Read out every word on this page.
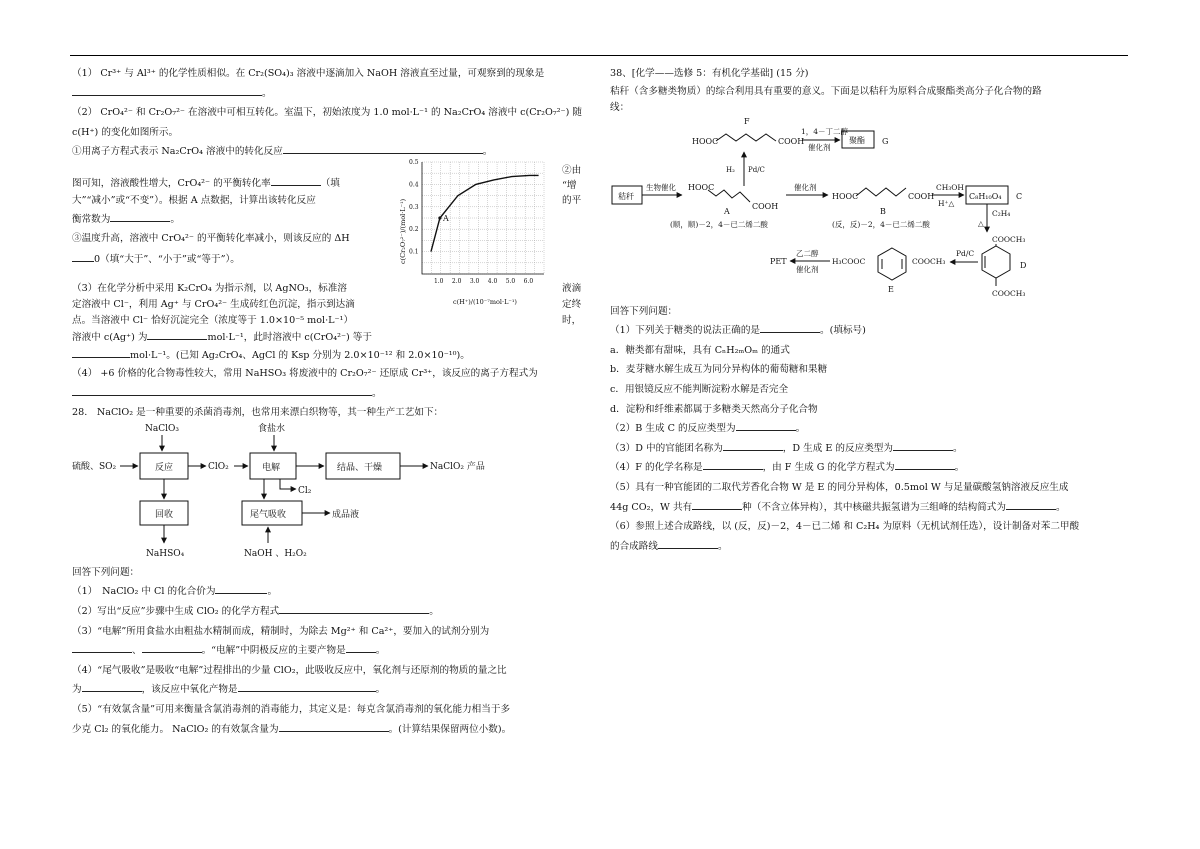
（1） Cr³⁺ 与 Al³⁺ 的化学性质相似。在 Cr₂(SO₄)₃ 溶液中逐滴加入 NaOH 溶液直至过量，可观察到的现象是
。
（2） CrO₄²⁻ 和 Cr₂O₇²⁻ 在溶液中可相互转化。室温下，初始浓度为 1.0 mol·L⁻¹ 的 Na₂CrO₄ 溶液中 c(Cr₂O₇²⁻) 随
c(H⁺) 的变化如图所示。
①用离子方程式表示 Na₂CrO₄ 溶液中的转化反应	。
②由
“增
的平
图可知，溶液酸性增大，CrO₄²⁻ 的平衡转化率	（填
大”“减小”或“不变”）。根据 A 点数据，计算出该转化反应
衡常数为	。
③温度升高，溶液中 CrO₄²⁻ 的平衡转化率减小，则该反应的 ΔH
0（填“大于”、“小于”或“等于”）。
（3）在化学分析中采用 K₂CrO₄ 为指示剂，以 AgNO₃，标准溶	液滴
定溶液中 Cl⁻，利用 Ag⁺ 与 CrO₄²⁻ 生成砖红色沉淀，指示到达滴	定终
点。当溶液中 Cl⁻ 恰好沉淀完全（浓度等于 1.0×10⁻⁵ mol·L⁻¹）	时，
溶液中 c(Ag⁺) 为	mol·L⁻¹，此时溶液中 c(CrO₄²⁻) 等于
mol·L⁻¹。(已知 Ag₂CrO₄、AgCl 的 Ksp 分别为 2.0×10⁻¹² 和 2.0×10⁻¹⁰)。
（4） +6 价格的化合物毒性较大，常用 NaHSO₃ 将废液中的 Cr₂O₇²⁻ 还原成 Cr³⁺，该反应的离子方程式为
。
28.　NaClO₂ 是一种重要的杀菌消毒剂，也常用来漂白织物等，其一种生产工艺如下：
NaClO₃	食盐水
硫酸、SO₂	反应	ClO₂	电解	结晶、干燥	NaClO₂ 产品
Cl₂
回收
NaHSO₄
尾气吸收	成品液
NaOH 、H₂O₂
回答下列问题：
（1）　NaClO₂ 中 Cl 的化合价为	。
（2）写出“反应”步骤中生成 ClO₂ 的化学方程式	。
（3）“电解”所用食盐水由粗盐水精制而成，精制时，为除去 Mg²⁺ 和 Ca²⁺，要加入的试剂分别为
、	。“电解”中阴极反应的主要产物是	。
（4）“尾气吸收”是吸收“电解”过程排出的少量 ClO₂，此吸收反应中，氧化剂与还原剂的物质的量之比
为	，该反应中氧化产物是	。
（5）“有效氯含量”可用来衡量含氯消毒剂的消毒能力，其定义是：每克含氯消毒剂的氧化能力相当于多
少克 Cl₂ 的氧化能力。 NaClO₂ 的有效氯含量为	。(计算结果保留两位小数)。
1.0 2.0 3.0 4.0 5.0 6.0
0.1
0.2
0.3
0.4
0.5
A
c(Cr₂O₇²⁻)/(mol·L⁻¹)
c(H⁺)/(10⁻⁷mol·L⁻¹)
38、[化学——选修 5：有机化学基础] (15 分)
秸秆（含多糖类物质）的综合利用具有重要的意义。下面是以秸秆为原料合成聚酯类高分子化合物的路
线：
F
HOOC	COOH
1，4－丁二醇
催化剂
聚酯 G
H₂ Pd/C
秸秆
生物催化 HOOC
COOH
A
(顺，顺)－2，4－已二烯二酸
催化剂
HOOC	COOH
B
(反，反)－2，4－已二烯二酸
CH₃OH
H⁺△
C₈H₁₀O₄ C
C₂H₄
△
COOCH₃
COOCH₃
D
Pd/C
COOCH₃
H₃COOC
E
乙二醇
催化剂
PET
回答下列问题：
（1）下列关于糖类的说法正确的是	。(填标号)
a．糖类都有甜味，具有 CₙH₂ₘOₘ 的通式
b．麦芽糖水解生成互为同分异构体的葡萄糖和果糖
c．用银镜反应不能判断淀粉水解是否完全
d．淀粉和纤维素都属于多糖类天然高分子化合物
（2）B 生成 C 的反应类型为	。
（3）D 中的官能团名称为	，D 生成 E 的反应类型为	。
（4）F 的化学名称是	，由 F 生成 G 的化学方程式为	。
（5）具有一种官能团的二取代芳香化合物 W 是 E 的同分异构体，0.5mol W 与足量碳酸氢钠溶液反应生成
44g CO₂，W 共有	种（不含立体异构），其中核磁共振氢谱为三组峰的结构简式为	。
（6）参照上述合成路线，以 (反，反)－2，4－已二烯 和 C₂H₄ 为原料（无机试剂任选），设计制备对苯二甲酸
的合成路线	。
